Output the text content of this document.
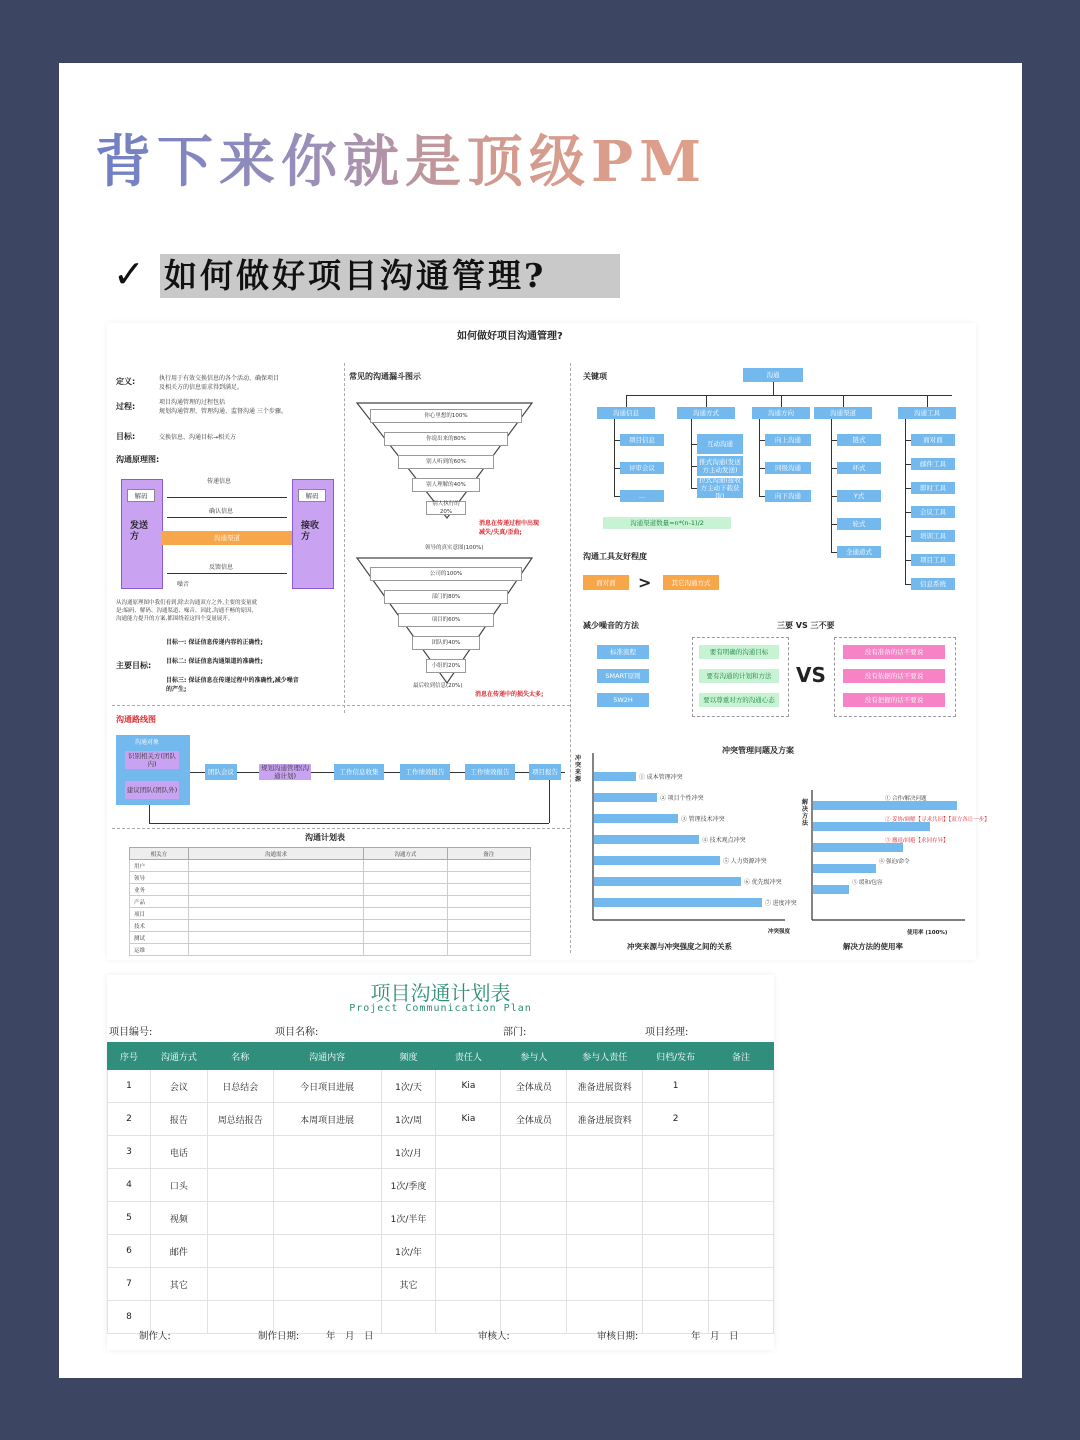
背下来你就是顶级PM
✓ 如何做好项目沟通管理?
如何做好项目沟通管理?
定义:	执行用于有效交换信息的各个活动、确保项目
及相关方的信息需求得到满足。
过程:	项目沟通管理的过程包括
规划沟通管理、管理沟通、监督沟通 三个步骤。
目标:	交换信息、沟通目标→相关方
沟通原理图:
发送方
接收方
解码	解码
传递信息
确认信息
沟通渠道
反馈信息
噪音
从沟通原理图中我们看到,除去沟通双方之外,主要的变量就
是:编码、解码、沟通渠道、噪音。因此,沟通不畅的原因,
沟通能力提升的方案,都围绕着这四个变量展开。
主要目标:
目标一: 保证信息传递内容的正确性;
目标二: 保证信息沟通渠道的准确性;
目标三: 保证信息在传递过程中的准确性,减少噪音
的产生;
常见的沟通漏斗图示
消息在传递过程中出现
减失/失真/歪曲;
领导的真实意图(100%)
最后收到信息(20%)
消息在传递中的损失太多;
关键项	沟通
沟通渠道数量=n*(n-1)/2
沟通工具友好程度
面对面	>	其它沟通方式
减少噪音的方法	三要 VS 三不要
VS
沟通路线图
沟通对象
识别相关方(团队内)
建议团队(团队外)
沟通计划表
冲突管理问题及方案
冲突来源
解决方法
① 成本管理冲突
② 项目个性冲突
③ 管理技术冲突
④ 技术观点冲突
⑤ 人力资源冲突
⑥ 优先级冲突
⑦ 进度冲突
① 合作/解决问题
② 妥协/调解【寻求共识】【双方各让一步】
③ 撤退/回避【求同存异】
④ 强迫/命令
⑤ 缓和/包容
冲突强度	使用率 (100%)
冲突来源与冲突强度之间的关系	解决方法的使用率
你心里想的100%
你说出来的80%
别人听到的60%
别人理解的40%
别人执行的20%
公司的100%
部门的80%
项目的60%
团队的40%
小组的20%
沟通信息	沟通方式	沟通方向	沟通渠道	沟通工具
项目信息
评审会议
...
互动沟通
推式沟通(发送方主动发送)
拉式沟通(接收方主动下载获取)
向上沟通
同级沟通
向下沟通
链式
环式
Y式
轮式
全通道式
面对面
邮件工具
即时工具
会议工具
培训工具
项目工具
信息系统
标准流程
SMART原则
5W2H
要有明确的沟通目标
要有沟通的计划和方法
要以尊重对方的沟通心态
没有准备的话不要说
没有依据的话不要说
没有把握的话不要说
团队会议	规划沟通管理(沟通计划)	工作信息收集	工作绩效报告	工作绩效报告	项目报告
相关方	沟通需求	沟通方式	备注
用户			
领导			
业务			
产品			
项目			
技术			
测试			
运维			
项目沟通计划表
Project Communication Plan
项目编号:	项目名称:	部门:	项目经理:
序号	沟通方式	名称	沟通内容	频度	责任人	参与人	参与人责任	归档/发布	备注
1	会议	日总结会	今日项目进展	1次/天	Kia	全体成员	准备进展资料	1	
2	报告	周总结报告	本周项目进展	1次/周	Kia	全体成员	准备进展资料	2	
3	电话			1次/月					
4	口头			1次/季度					
5	视频			1次/半年					
6	邮件			1次/年					
7	其它			其它					
8									
制作人:	制作日期:	年　月　日	审核人:	审核日期:	年　月　日
